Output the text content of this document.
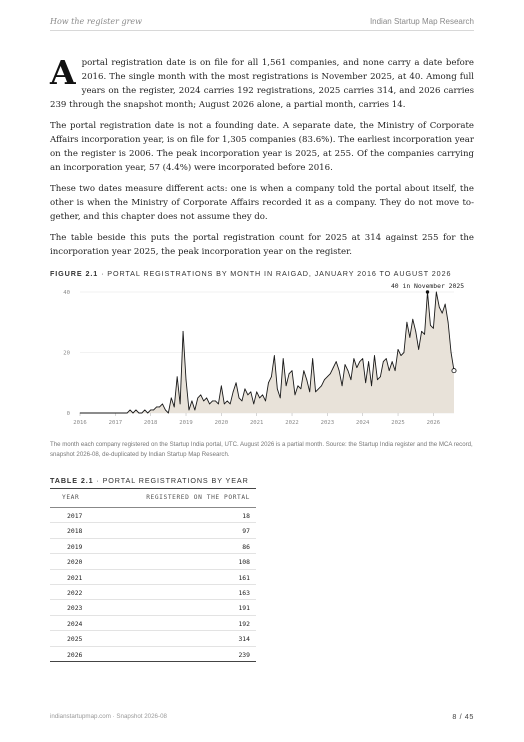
How the register grew	Indian Startup Map Research

Aportal registration date is on file for all 1,561 companies, and none carry a date before 2016. The single month with the most registrations is November 2025, at 40. Among full years on the register, 2024 carries 192 registrations, 2025 carries 314, and 2026 carries 239 through the snapshot month; August 2026 alone, a partial month, carries 14.

The portal registration date is not a founding date. A separate date, the Ministry of Corporate Affairs incorporation year, is on file for 1,305 companies (83.6%). The earliest incorporation year on the register is 2006. The peak incorporation year is 2025, at 255. Of the companies carrying an incorporation year, 57 (4.4%) were incorporated before 2016.

These two dates measure different acts: one is when a company told the portal about itself, the other is when the Ministry of Corporate Affairs recorded it as a company. They do not move together, and this chapter does not assume they do.

The table beside this puts the portal registration count for 2025 at 314 against 255 for the incorporation year 2025, the peak incorporation year on the register.

FIGURE 2.1 · PORTAL REGISTRATIONS BY MONTH IN RAIGAD, JANUARY 2016 TO AUGUST 2026
0
20
40
2016	2017	2018	2019	2020	2021	2022	2023	2024	2025	2026
40 in November 2025
The month each company registered on the Startup India portal, UTC. August 2026 is a partial month. Source: the Startup India register and the MCA record, snapshot 2026-08, de-duplicated by Indian Startup Map Research.
TABLE 2.1 · PORTAL REGISTRATIONS BY YEAR
YEAR	REGISTERED ON THE PORTAL
2017	18
2018	97
2019	86
2020	108
2021	161
2022	163
2023	191
2024	192
2025	314
2026	239
indianstartupmap.com · Snapshot 2026-08	8 / 45
